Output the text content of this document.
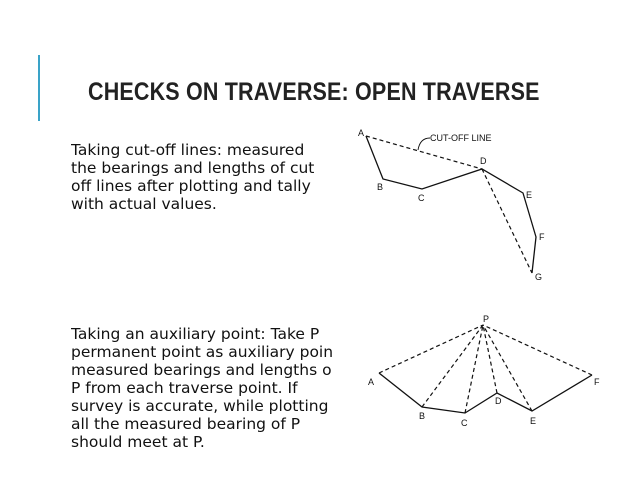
CHECKS ON TRAVERSE: OPEN TRAVERSE

Taking cut-off lines: measured
the bearings and lengths of cut
off lines after plotting and tally
with actual values.

CUT-OFF LINE
A
B
C
D
E
F
G

Taking an auxiliary point: Take P
permanent point as auxiliary poin
measured bearings and lengths o
P from each traverse point. If
survey is accurate, while plotting
all the measured bearing of P
should meet at P.

P
A
B
C
D
E
F
